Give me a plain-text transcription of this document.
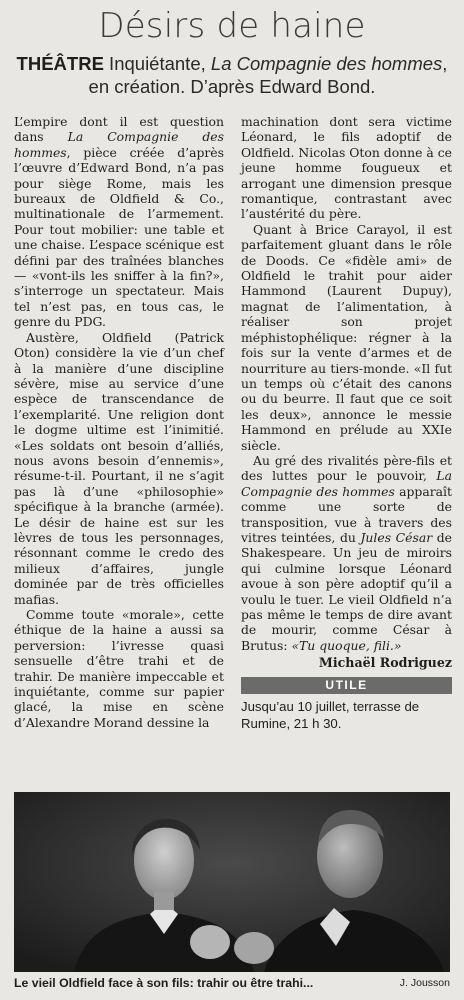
Désirs de haine
THÉÂTRE Inquiétante, La Compagnie des hommes, en création. D’après Edward Bond.

L’empire dont il est question dans La Compagnie des hommes, pièce créée d’après l’œuvre d’Edward Bond, n’a pas pour siège Rome, mais les bureaux de Oldfield & Co., multinationale de l’armement. Pour tout mobilier: une table et une chaise. L’espace scénique est défini par des traînées blanches — «vont-ils les sniffer à la fin?», s’interroge un spectateur. Mais tel n’est pas, en tous cas, le genre du PDG.

Austère, Oldfield (Patrick Oton) considère la vie d’un chef à la manière d’une discipline sévère, mise au service d’une espèce de transcendance de l’exemplarité. Une religion dont le dogme ultime est l’inimitié. «Les soldats ont besoin d’alliés, nous avons besoin d’ennemis», résume-t-il. Pourtant, il ne s’agit pas là d’une «philosophie» spécifique à la branche (armée). Le désir de haine est sur les lèvres de tous les personnages, résonnant comme le credo des milieux d’affaires, jungle dominée par de très officielles mafias.

Comme toute «morale», cette éthique de la haine a aussi sa perversion: l’ivresse quasi sensuelle d’être trahi et de trahir. De manière impeccable et inquiétante, comme sur papier glacé, la mise en scène d’Alexandre Morand dessine la

machination dont sera victime Léonard, le fils adoptif de Oldfield. Nicolas Oton donne à ce jeune homme fougueux et arrogant une dimension presque romantique, contrastant avec l’austérité du père.

Quant à Brice Carayol, il est parfaitement gluant dans le rôle de Doods. Ce «fidèle ami» de Oldfield le trahit pour aider Hammond (Laurent Dupuy), magnat de l’alimentation, à réaliser son projet méphistophélique: régner à la fois sur la vente d’armes et de nourriture au tiers-monde. «Il fut un temps où c’était des canons ou du beurre. Il faut que ce soit les deux», annonce le messie Hammond en prélude au XXIe siècle.

Au gré des rivalités père-fils et des luttes pour le pouvoir, La Compagnie des hommes apparaît comme une sorte de transposition, vue à travers des vitres teintées, du Jules César de Shakespeare. Un jeu de miroirs qui culmine lorsque Léonard avoue à son père adoptif qu’il a voulu le tuer. Le vieil Oldfield n’a pas même le temps de dire avant de mourir, comme César à Brutus: «Tu quoque, fili.»

Michaël Rodriguez
UTILE
Jusqu’au 10 juillet, terrasse de Rumine, 21 h 30.
Le vieil Oldfield face à son fils: trahir ou être trahi...	J. Jousson
